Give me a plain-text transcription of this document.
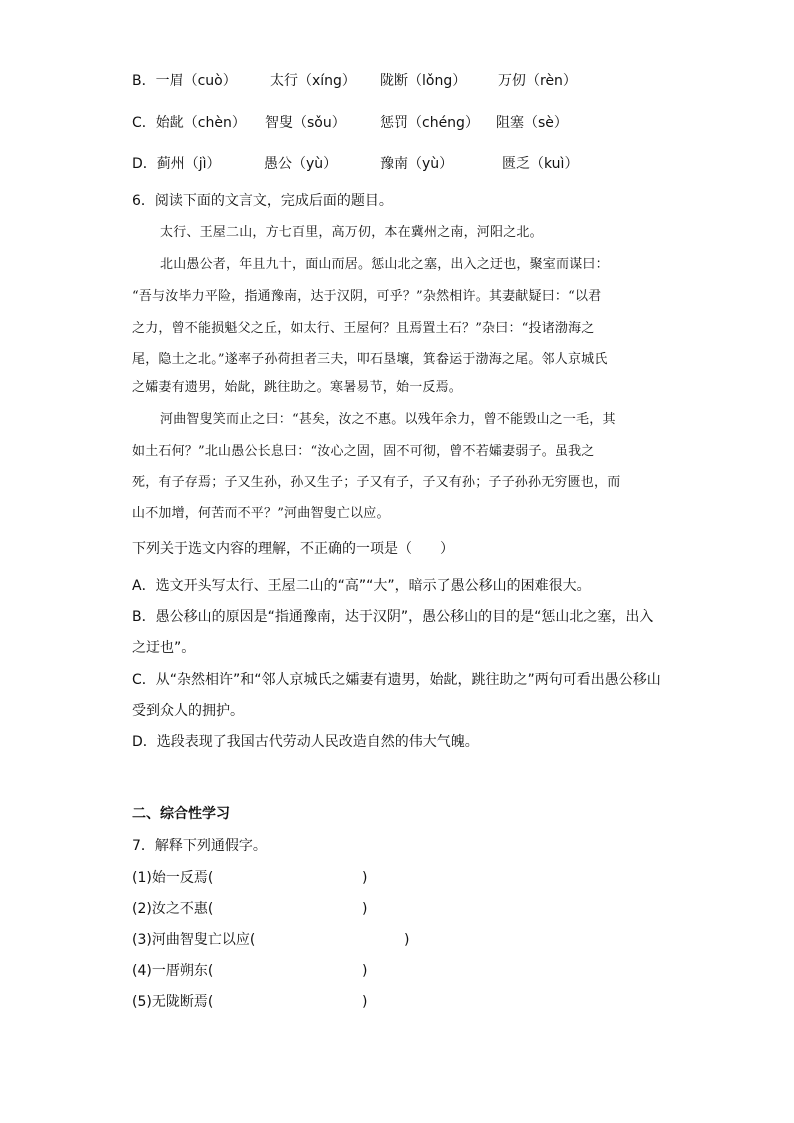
B．一眉（cuò） 太行（xíng） 陇断（lǒng） 万仞（rèn）
C．始龀（chèn） 智叟（sǒu） 惩罚（chéng） 阻塞（sè）
D．蓟州（jì）	愚公（yù）	豫南（yù）	匮乏（kuì）
6．阅读下面的文言文，完成后面的题目。
太行、王屋二山，方七百里，高万仞，本在冀州之南，河阳之北。
北山愚公者，年且九十，面山而居。惩山北之塞，出入之迂也，聚室而谋曰：
“吾与汝毕力平险，指通豫南，达于汉阴，可乎？”杂然相许。其妻献疑曰：“以君
之力，曾不能损魁父之丘，如太行、王屋何？且焉置土石？”杂曰：“投诸渤海之
尾，隐土之北。”遂率子孙荷担者三夫，叩石垦壤，箕畚运于渤海之尾。邻人京城氏
之孀妻有遗男，始龀，跳往助之。寒暑易节，始一反焉。
河曲智叟笑而止之曰：“甚矣，汝之不惠。以残年余力，曾不能毁山之一毛，其
如土石何？”北山愚公长息曰：“汝心之固，固不可彻，曾不若孀妻弱子。虽我之
死，有子存焉；子又生孙，孙又生子；子又有子，子又有孙；子子孙孙无穷匮也，而
山不加增，何苦而不平？”河曲智叟亡以应。
下列关于选文内容的理解，不正确的一项是（　　）
A．选文开头写太行、王屋二山的“高”“大”，暗示了愚公移山的困难很大。
B．愚公移山的原因是“指通豫南，达于汉阴”，愚公移山的目的是“惩山北之塞，出入
之迂也”。
C．从“杂然相许”和“邻人京城氏之孀妻有遗男，始龀，跳往助之”两句可看出愚公移山
受到众人的拥护。
D．选段表现了我国古代劳动人民改造自然的伟大气魄。
二、综合性学习
7．解释下列通假字。
(1)始一反焉(	)
(2)汝之不惠(	)
(3)河曲智叟亡以应(	)
(4)一厝朔东(	)
(5)无陇断焉(	)
